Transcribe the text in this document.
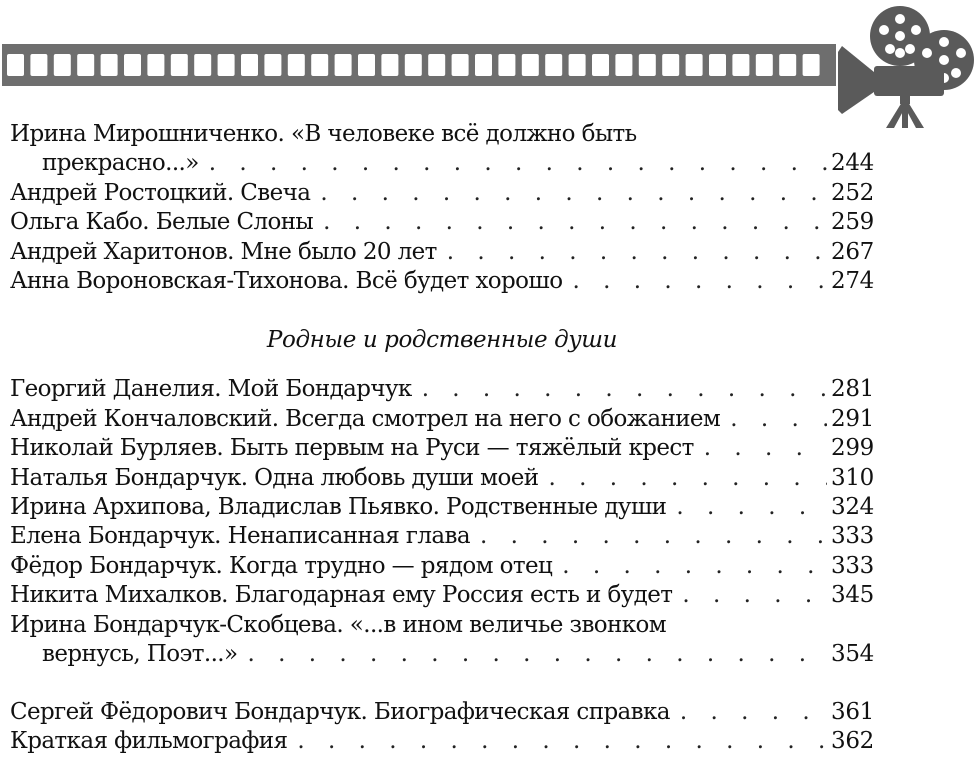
Ирина Мирошниченко. «В человеке всё должно быть
прекрасно...» . . .	244
Андрей Ростоцкий. Свеча . . .	252
Ольга Кабо. Белые Слоны . . .	259
Андрей Харитонов. Мне было 20 лет . . .	267
Анна Вороновская-Тихонова. Всё будет хорошо . . .	274

Родные и родственные души

Георгий Данелия. Мой Бондарчук . . .	281
Андрей Кончаловский. Всегда смотрел на него с обожанием . . .	291
Николай Бурляев. Быть первым на Руси — тяжёлый крест . . .	299
Наталья Бондарчук. Одна любовь души моей . . .	310
Ирина Архипова, Владислав Пьявко. Родственные души . . .	324
Елена Бондарчук. Ненаписанная глава . . .	333
Фёдор Бондарчук. Когда трудно — рядом отец . . .	333
Никита Михалков. Благодарная ему Россия есть и будет . . .	345
Ирина Бондарчук-Скобцева. «...в ином величье звонком
вернусь, Поэт...» . . .	354
Сергей Фёдорович Бондарчук. Биографическая справка . . .	361
Краткая фильмография . . .	362
